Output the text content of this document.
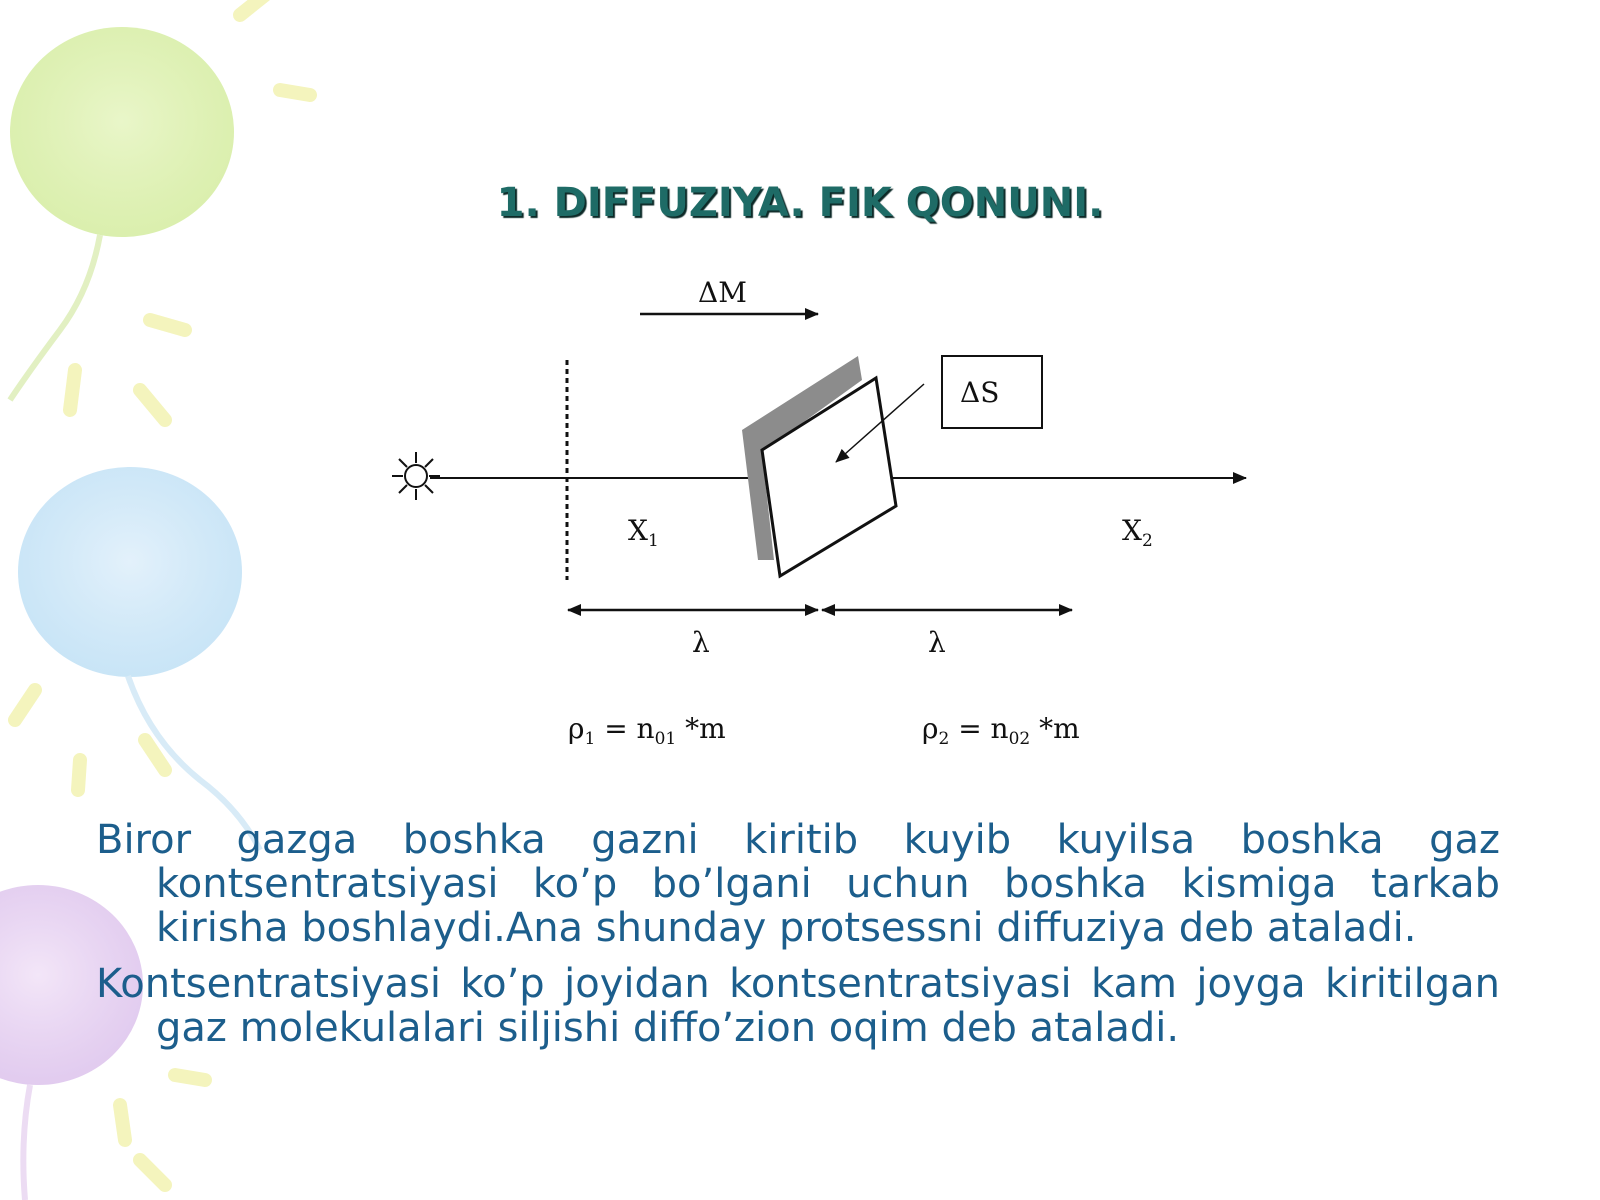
1. DIFFUZIYA. FIK QONUNI.
ΔM
ΔS
X1	X2
λ	λ
ρ1 = n01 *m	ρ2 = n02 *m

Biror gazga boshka gazni kiritib kuyib kuyilsa boshka gaz kontsentratsiyasi ko’p bo’lgani uchun boshka kismiga tarkab kirisha boshlaydi.Ana shunday protsessni diffuziya deb ataladi.

Kontsentratsiyasi ko’p joyidan kontsentratsiyasi kam joyga kiritilgan gaz molekulalari siljishi diffo’zion oqim deb ataladi.
